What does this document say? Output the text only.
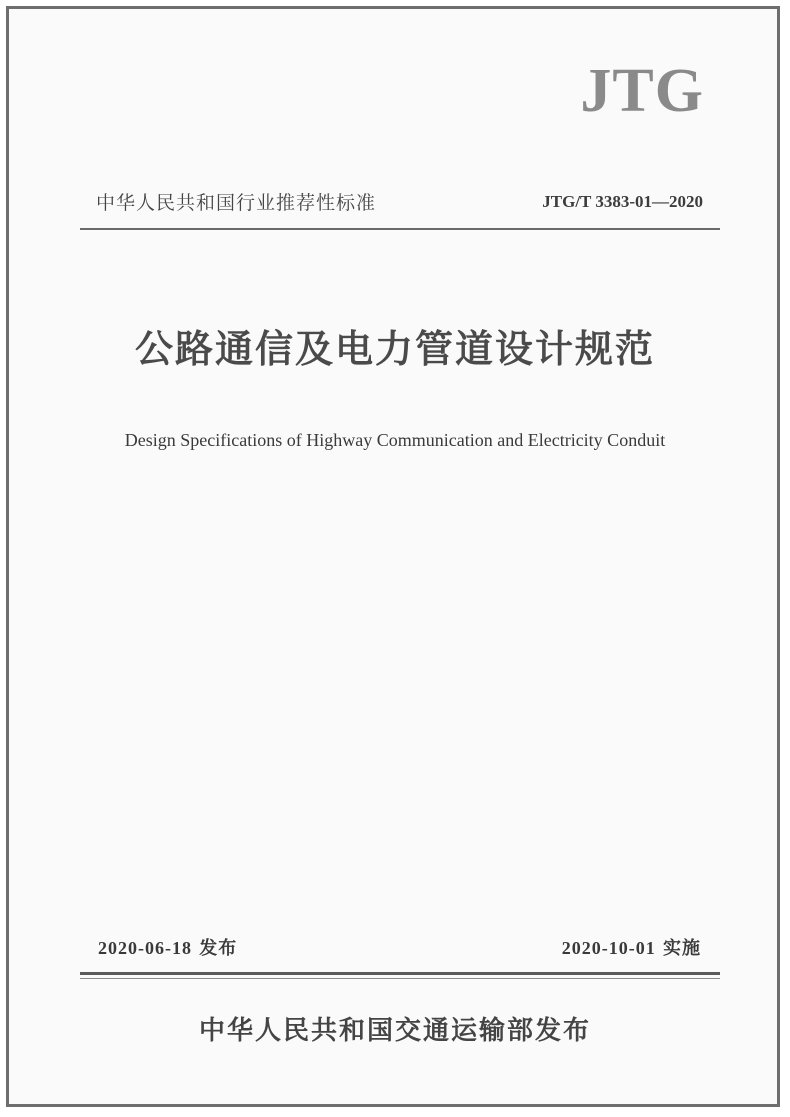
JTG
中华人民共和国行业推荐性标准	JTG/T 3383-01—2020
公路通信及电力管道设计规范
Design Specifications of Highway Communication and Electricity Conduit
2020-06-18 发布	2020-10-01 实施
中华人民共和国交通运输部发布
